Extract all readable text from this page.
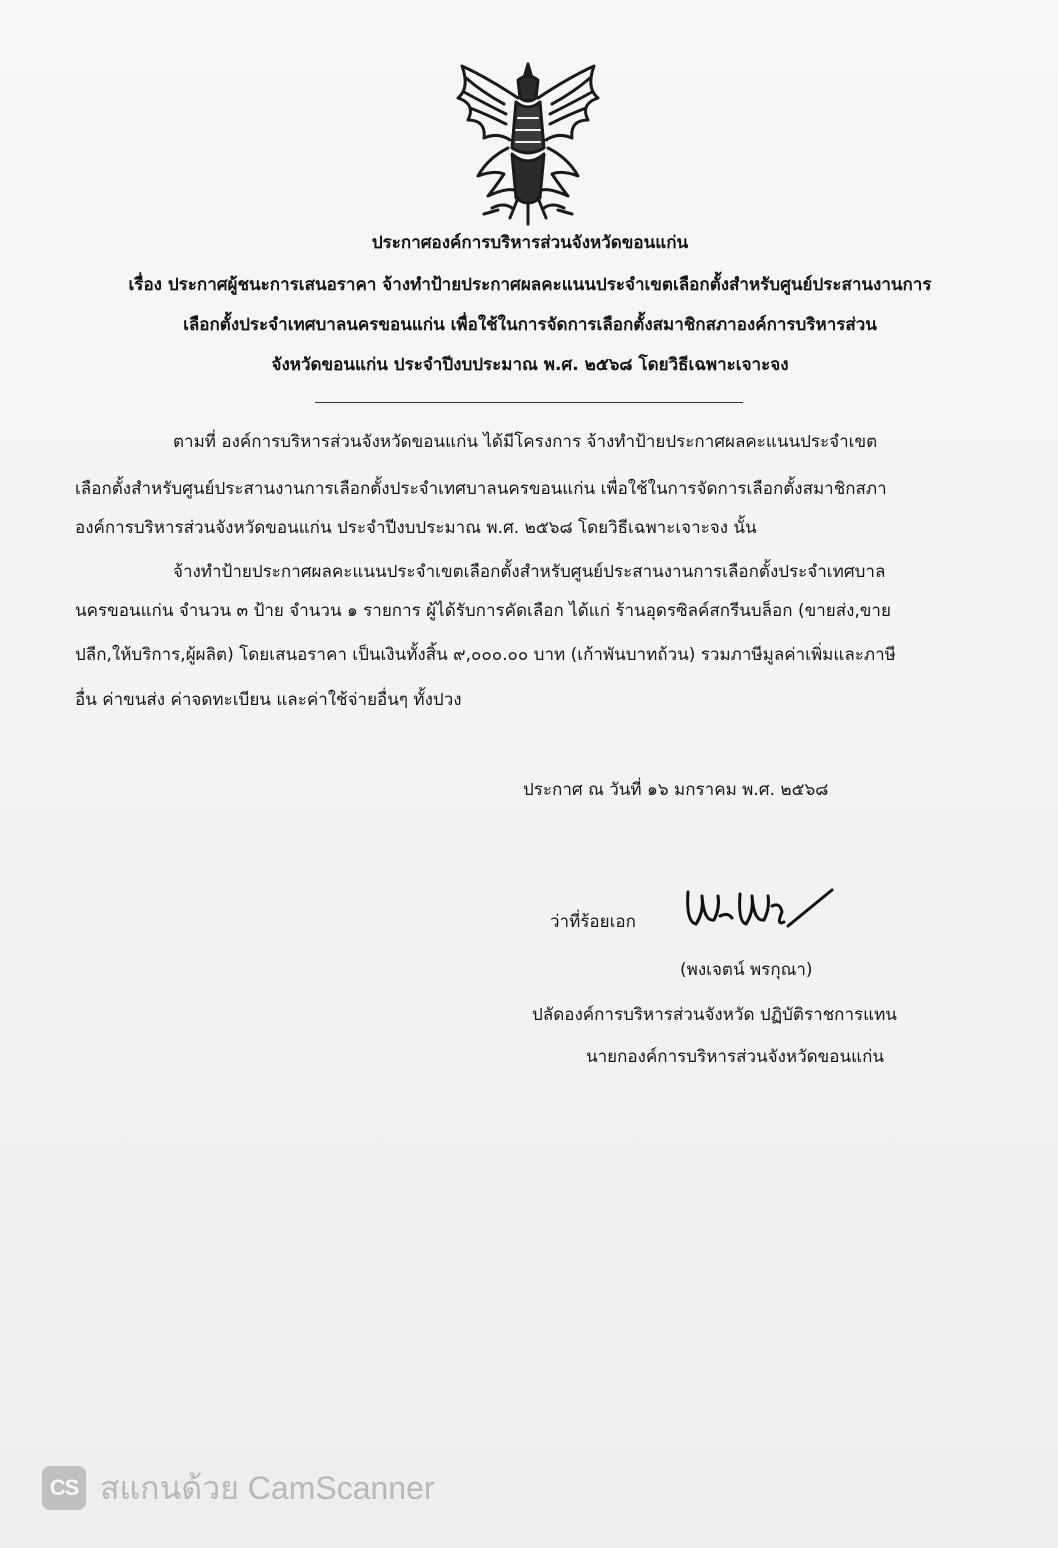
ประกาศองค์การบริหารส่วนจังหวัดขอนแก่น
เรื่อง ประกาศผู้ชนะการเสนอราคา จ้างทำป้ายประกาศผลคะแนนประจำเขตเลือกตั้งสำหรับศูนย์ประสานงานการ
เลือกตั้งประจำเทศบาลนครขอนแก่น เพื่อใช้ในการจัดการเลือกตั้งสมาชิกสภาองค์การบริหารส่วน
จังหวัดขอนแก่น ประจำปีงบประมาณ พ.ศ. ๒๕๖๘ โดยวิธีเฉพาะเจาะจง
ตามที่ องค์การบริหารส่วนจังหวัดขอนแก่น ได้มีโครงการ จ้างทำป้ายประกาศผลคะแนนประจำเขต
เลือกตั้งสำหรับศูนย์ประสานงานการเลือกตั้งประจำเทศบาลนครขอนแก่น เพื่อใช้ในการจัดการเลือกตั้งสมาชิกสภา
องค์การบริหารส่วนจังหวัดขอนแก่น ประจำปีงบประมาณ พ.ศ. ๒๕๖๘ โดยวิธีเฉพาะเจาะจง นั้น
จ้างทำป้ายประกาศผลคะแนนประจำเขตเลือกตั้งสำหรับศูนย์ประสานงานการเลือกตั้งประจำเทศบาล
นครขอนแก่น จำนวน ๓ ป้าย จำนวน ๑ รายการ ผู้ได้รับการคัดเลือก ได้แก่ ร้านอุดรซิลค์สกรีนบล็อก (ขายส่ง,ขาย
ปลีก,ให้บริการ,ผู้ผลิต) โดยเสนอราคา เป็นเงินทั้งสิ้น ๙,๐๐๐.๐๐ บาท (เก้าพันบาทถ้วน) รวมภาษีมูลค่าเพิ่มและภาษี
อื่น ค่าขนส่ง ค่าจดทะเบียน และค่าใช้จ่ายอื่นๆ ทั้งปวง
ประกาศ ณ วันที่ ๑๖ มกราคม พ.ศ. ๒๕๖๘
ว่าที่ร้อยเอก
(พงเจตน์ พรกุณา)
ปลัดองค์การบริหารส่วนจังหวัด ปฏิบัติราชการแทน
นายกองค์การบริหารส่วนจังหวัดขอนแก่น
CS สแกนด้วย CamScanner
